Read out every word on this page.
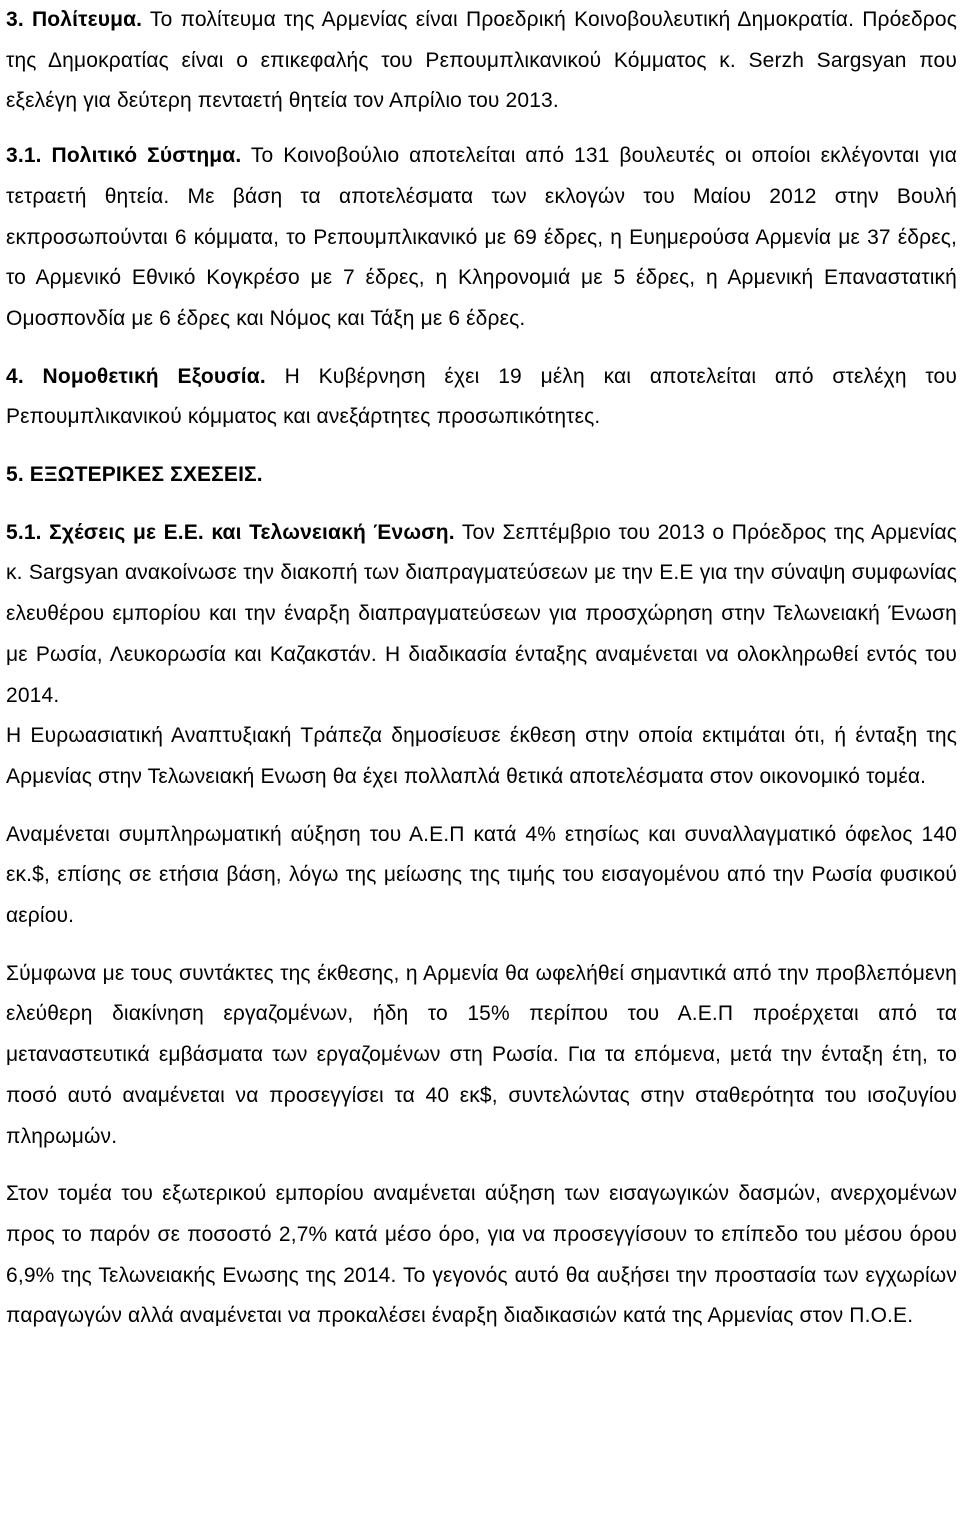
3. Πολίτευμα. Το πολίτευμα της Αρμενίας είναι Προεδρική Κοινοβουλευτική Δημοκρατία. Πρόεδρος της Δημοκρατίας είναι ο επικεφαλής του Ρεπουμπλικανικού Κόμματος κ. Serzh Sargsyan που εξελέγη για δεύτερη πενταετή θητεία τον Απρίλιο του 2013.

3.1. Πολιτικό Σύστημα. Το Κοινοβούλιο αποτελείται από 131 βουλευτές οι οποίοι εκλέγονται για τετραετή θητεία. Με βάση τα αποτελέσματα των εκλογών του Μαίου 2012 στην Βουλή εκπροσωπούνται 6 κόμματα, το Ρεπουμπλικανικό με 69 έδρες, η Ευημερούσα Αρμενία με 37 έδρες, το Αρμενικό Εθνικό Κογκρέσο με 7 έδρες, η Κληρονομιά με 5 έδρες, η Αρμενική Επαναστατική Ομοσπονδία με 6 έδρες και Νόμος και Τάξη με 6 έδρες.

4. Νομοθετική Εξουσία. Η Κυβέρνηση έχει 19 μέλη και αποτελείται από στελέχη του Ρεπουμπλικανικού κόμματος και ανεξάρτητες προσωπικότητες.

5. ΕΞΩΤΕΡΙΚΕΣ ΣΧΕΣΕΙΣ.

5.1. Σχέσεις με Ε.Ε. και Τελωνειακή Ένωση. Τον Σεπτέμβριο του 2013 ο Πρόεδρος της Αρμενίας κ. Sargsyan ανακοίνωσε την διακοπή των διαπραγματεύσεων με την Ε.Ε για την σύναψη συμφωνίας ελευθέρου εμπορίου και την έναρξη διαπραγματεύσεων για προσχώρηση στην Τελωνειακή Ένωση με Ρωσία, Λευκορωσία και Καζακστάν. Η διαδικασία ένταξης αναμένεται να ολοκληρωθεί εντός του 2014.

Η Ευρωασιατική Αναπτυξιακή Τράπεζα δημοσίευσε έκθεση στην οποία εκτιμάται ότι, ή ένταξη της Αρμενίας στην Τελωνειακή Ενωση θα έχει πολλαπλά θετικά αποτελέσματα στον οικονομικό τομέα.

Αναμένεται συμπληρωματική αύξηση του Α.Ε.Π κατά 4% ετησίως και συναλλαγματικό όφελος 140 εκ.$, επίσης σε ετήσια βάση, λόγω της μείωσης της τιμής του εισαγομένου από την Ρωσία φυσικού αερίου.

Σύμφωνα με τους συντάκτες της έκθεσης, η Αρμενία θα ωφελήθεί σημαντικά από την προβλεπόμενη ελεύθερη διακίνηση εργαζομένων, ήδη το 15% περίπου του Α.Ε.Π προέρχεται από τα μεταναστευτικά εμβάσματα των εργαζομένων στη Ρωσία. Για τα επόμενα, μετά την ένταξη έτη, το ποσό αυτό αναμένεται να προσεγγίσει τα 40 εκ$, συντελώντας στην σταθερότητα του ισοζυγίου πληρωμών.

Στον τομέα του εξωτερικού εμπορίου αναμένεται αύξηση των εισαγωγικών δασμών, ανερχομένων προς το παρόν σε ποσοστό 2,7% κατά μέσο όρο, για να προσεγγίσουν το επίπεδο του μέσου όρου 6,9% της Τελωνειακής Ενωσης της 2014. Το γεγονός αυτό θα αυξήσει την προστασία των εγχωρίων παραγωγών αλλά αναμένεται να προκαλέσει έναρξη διαδικασιών κατά της Αρμενίας στον Π.Ο.Ε.
